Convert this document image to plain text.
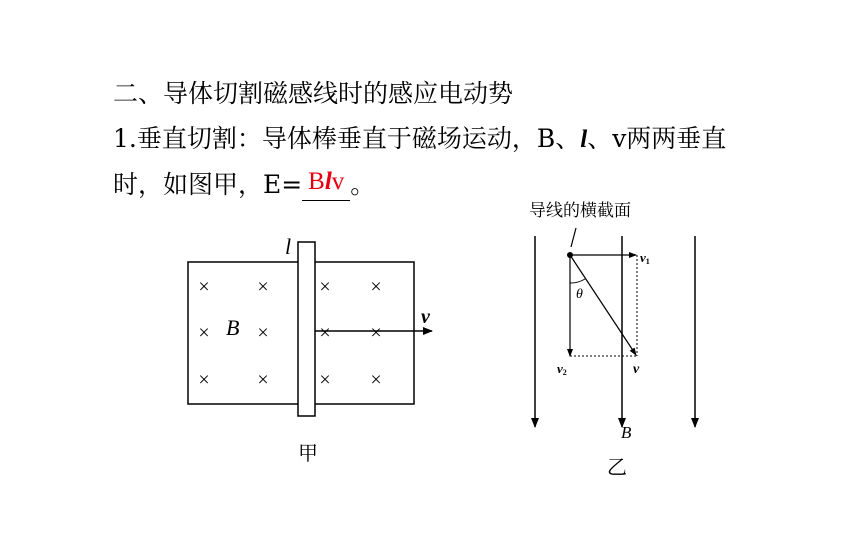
二、导体切割磁感线时的感应电动势
1.垂直切割：导体棒垂直于磁场运动，B、l、v两两垂直
时，如图甲，E= Blv 。
× ×	× ×
× ×	× ×
× ×	× ×
l
B	v
甲
导线的横截面
θ
v1
v2	v
B
乙
